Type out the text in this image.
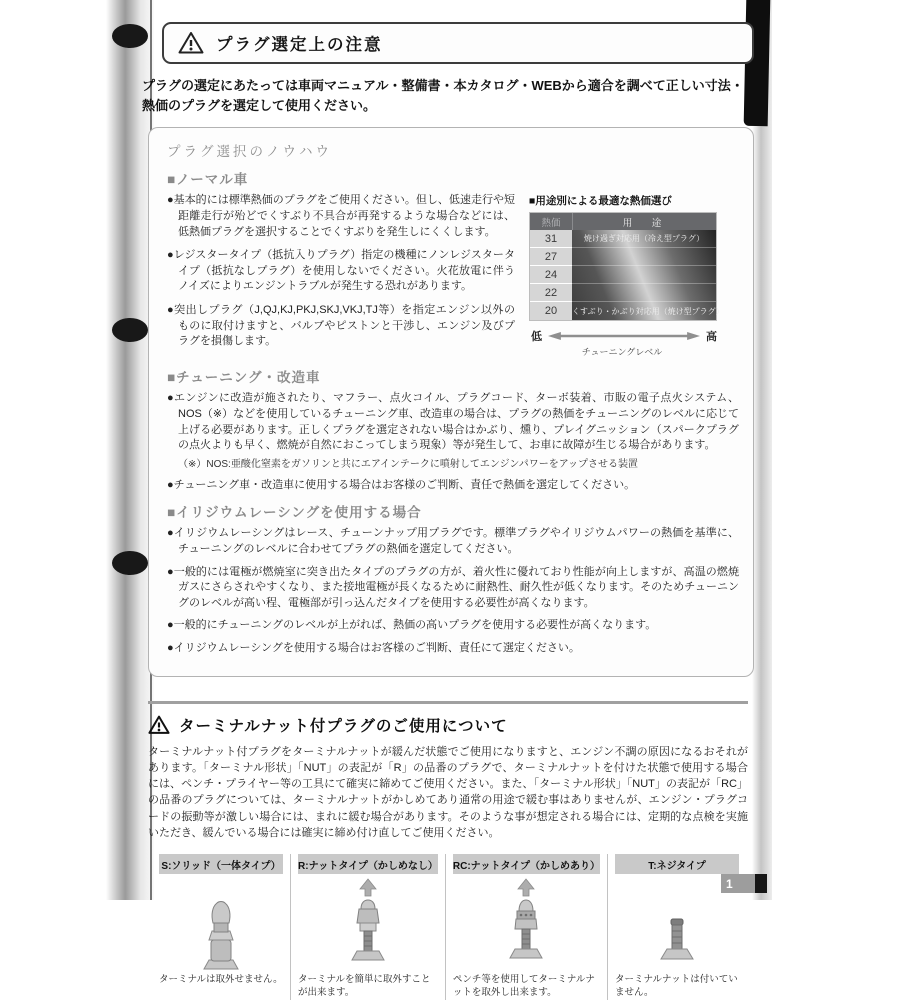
プラグ選定上の注意

プラグの選定にあたっては車両マニュアル・整備書・本カタログ・WEBから適合を調べて正しい寸法・熱価のプラグを選定して使用ください。

プラグ選択のノウハウ
■ノーマル車

●基本的には標準熱価のプラグをご使用ください。但し、低速走行や短距離走行が殆どでくすぶり不具合が再発するような場合などには、低熱価プラグを選択することでくすぶりを発生しにくくします。

●レジスタータイプ（抵抗入りプラグ）指定の機種にノンレジスタータイプ（抵抗なしプラグ）を使用しないでください。火花放電に伴うノイズによりエンジントラブルが発生する恐れがあります。

●突出しプラグ（J,QJ,KJ,PKJ,SKJ,VKJ,TJ等）を指定エンジン以外のものに取付けますと、バルブやピストンと干渉し、エンジン及びプラグを損傷します。

■用途別による最適な熱価選び
熱価	用　途
31
27
24
22
20
焼け過ぎ対応用（冷え型プラグ）
くすぶり・かぶり対応用（焼け型プラグ）
低	高
チューニングレベル
■チューニング・改造車

●エンジンに改造が施されたり、マフラー、点火コイル、プラグコード、ターボ装着、市販の電子点火システム、NOS（※）などを使用しているチューニング車、改造車の場合は、プラグの熱価をチューニングのレベルに応じて上げる必要があります。正しくプラグを選定されない場合はかぶり、燻り、プレイグニッション（スパークプラグの点火よりも早く、燃焼が自然におこってしまう現象）等が発生して、お車に故障が生じる場合があります。

（※）NOS:亜酸化窒素をガソリンと共にエアインテークに噴射してエンジンパワーをアップさせる装置

●チューニング車・改造車に使用する場合はお客様のご判断、責任で熱価を選定してください。

■イリジウムレーシングを使用する場合

●イリジウムレーシングはレース、チューンナップ用プラグです。標準プラグやイリジウムパワーの熱価を基準に、チューニングのレベルに合わせてプラグの熱価を選定してください。

●一般的には電極が燃焼室に突き出たタイプのプラグの方が、着火性に優れており性能が向上しますが、高温の燃焼ガスにさらされやすくなり、また接地電極が長くなるために耐熱性、耐久性が低くなります。そのためチューニングのレベルが高い程、電極部が引っ込んだタイプを使用する必要性が高くなります。

●一般的にチューニングのレベルが上がれば、熱価の高いプラグを使用する必要性が高くなります。

●イリジウムレーシングを使用する場合はお客様のご判断、責任にて選定ください。

ターミナルナット付プラグのご使用について

ターミナルナット付プラグをターミナルナットが緩んだ状態でご使用になりますと、エンジン不調の原因になるおそれがあります。「ターミナル形状」「NUT」の表記が「R」の品番のプラグで、ターミナルナットを付けた状態で使用する場合には、ペンチ・プライヤー等の工具にて確実に締めてご使用ください。また、「ターミナル形状」「NUT」の表記が「RC」の品番のプラグについては、ターミナルナットがかしめてあり通常の用途で緩む事はありませんが、エンジン・プラグコードの振動等が激しい場合には、まれに緩む場合があります。そのような事が想定される場合には、定期的な点検を実施いただき、緩んでいる場合には確実に締め付け直してご使用ください。

S:ソリッド（一体タイプ）
ターミナルは取外せません。
R:ナットタイプ（かしめなし）
ターミナルを簡単に取外すことが出来ます。
RC:ナットタイプ（かしめあり）
ペンチ等を使用してターミナルナットを取外し出来ます。
T:ネジタイプ
ターミナルナットは付いていません。
1
